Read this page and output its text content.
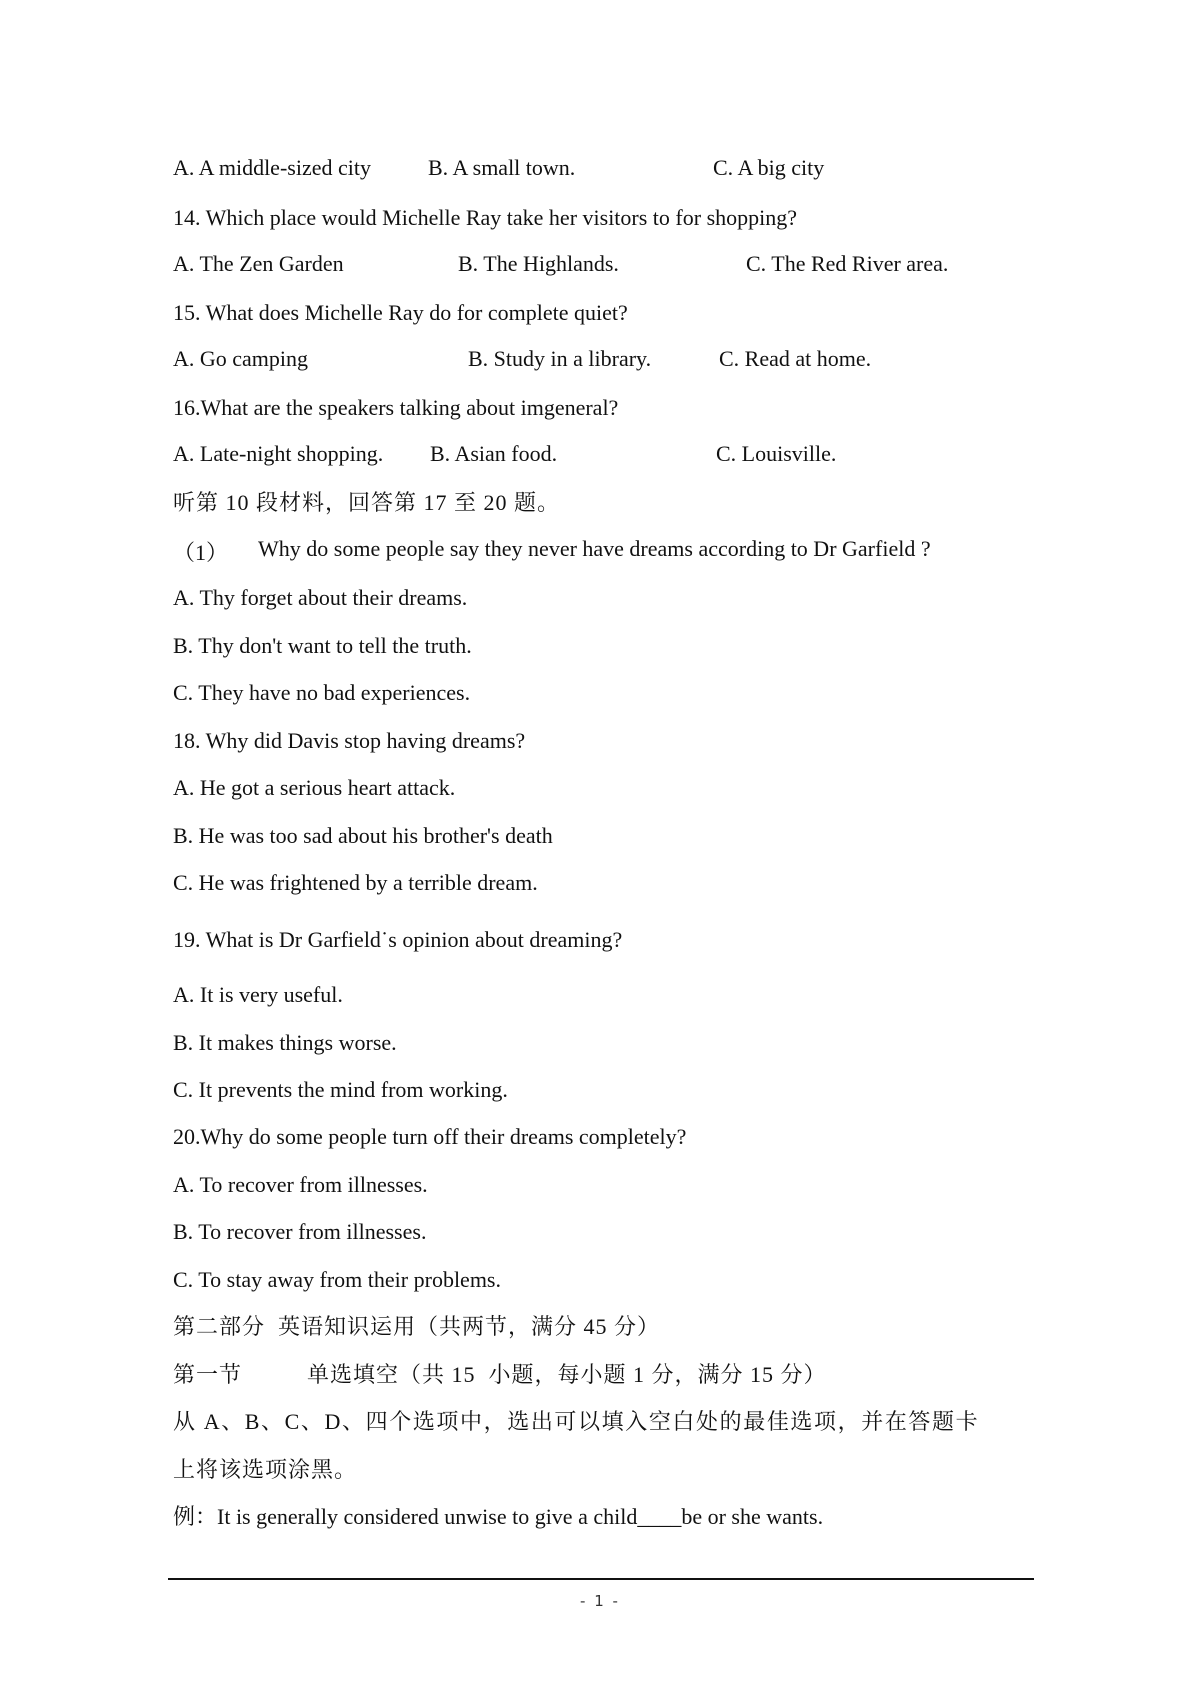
A. A middle-sized city	B. A small town.	C. A big city
14. Which place would Michelle Ray take her visitors to for shopping?
A. The Zen Garden	B. The Highlands.	C. The Red River area.
15. What does Michelle Ray do for complete quiet?
A. Go camping	B. Study in a library.	C. Read at home.
16.What are the speakers talking about imgeneral?
A. Late-night shopping. B. Asian food.	C. Louisville.
听第 10 段材料，回答第 17 至 20 题。
（1） Why do some people say they never have dreams according to Dr Garfield ?
A. Thy forget about their dreams.
B. Thy don't want to tell the truth.
C. They have no bad experiences.
18. Why did Davis stop having dreams?
A. He got a serious heart attack.
B. He was too sad about his brother's death
C. He was frightened by a terrible dream.
19. What is Dr Garfield˙s opinion about dreaming?
A. It is very useful.
B. It makes things worse.
C. It prevents the mind from working.
20.Why do some people turn off their dreams completely?
A. To recover from illnesses.
B. To recover from illnesses.
C. To stay away from their problems.
第二部分  英语知识运用（共两节，满分 45 分）
第一节          单选填空（共 15  小题，每小题 1 分，满分 15 分）
从 A、B、C、D、四个选项中，选出可以填入空白处的最佳选项，并在答题卡
上将该选项涂黑。
例：It is generally considered unwise to give a child____be or she wants.
- 1 -
